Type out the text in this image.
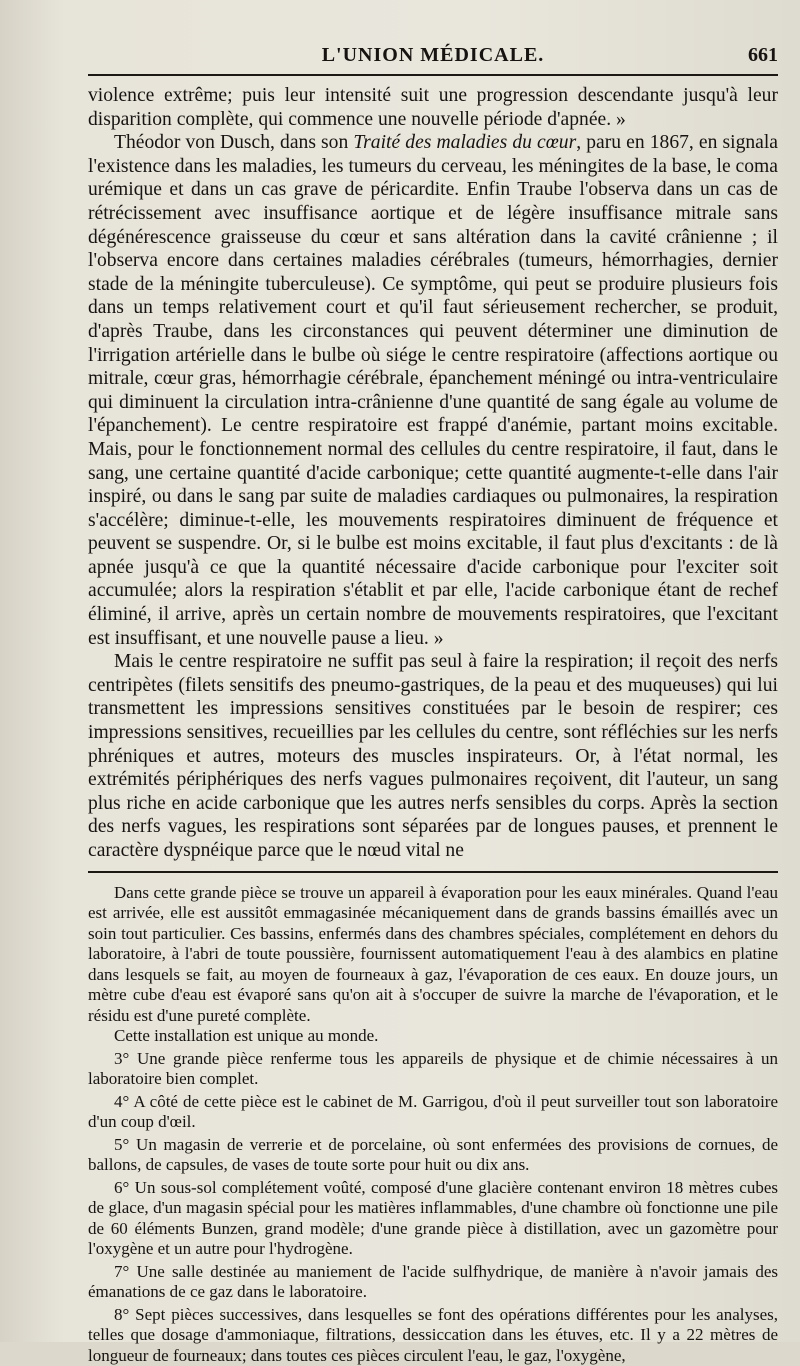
L'UNION MÉDICALE.	661

violence extrême; puis leur intensité suit une progression descendante jusqu'à leur disparition complète, qui commence une nouvelle période d'apnée. »

Théodor von Dusch, dans son Traité des maladies du cœur, paru en 1867, en signala l'existence dans les maladies, les tumeurs du cerveau, les méningites de la base, le coma urémique et dans un cas grave de péricardite. Enfin Traube l'observa dans un cas de rétrécissement avec insuffisance aortique et de légère insuffisance mitrale sans dégénérescence graisseuse du cœur et sans altération dans la cavité crânienne ; il l'observa encore dans certaines maladies cérébrales (tumeurs, hémorrhagies, dernier stade de la méningite tuberculeuse). Ce symptôme, qui peut se produire plusieurs fois dans un temps relativement court et qu'il faut sérieusement rechercher, se produit, d'après Traube, dans les circonstances qui peuvent déterminer une diminution de l'irrigation artérielle dans le bulbe où siége le centre respiratoire (affections aortique ou mitrale, cœur gras, hémorrhagie cérébrale, épanchement méningé ou intra-ventriculaire qui diminuent la circulation intra-crânienne d'une quantité de sang égale au volume de l'épanchement). Le centre respiratoire est frappé d'anémie, partant moins excitable. Mais, pour le fonctionnement normal des cellules du centre respiratoire, il faut, dans le sang, une certaine quantité d'acide carbonique; cette quantité augmente-t-elle dans l'air inspiré, ou dans le sang par suite de maladies cardiaques ou pulmonaires, la respiration s'accélère; diminue-t-elle, les mouvements respiratoires diminuent de fréquence et peuvent se suspendre. Or, si le bulbe est moins excitable, il faut plus d'excitants : de là apnée jusqu'à ce que la quantité nécessaire d'acide carbonique pour l'exciter soit accumulée; alors la respiration s'établit et par elle, l'acide carbonique étant de rechef éliminé, il arrive, après un certain nombre de mouvements respiratoires, que l'excitant est insuffisant, et une nouvelle pause a lieu. »

Mais le centre respiratoire ne suffit pas seul à faire la respiration; il reçoit des nerfs centripètes (filets sensitifs des pneumo-gastriques, de la peau et des muqueuses) qui lui transmettent les impressions sensitives constituées par le besoin de respirer; ces impressions sensitives, recueillies par les cellules du centre, sont réfléchies sur les nerfs phréniques et autres, moteurs des muscles inspirateurs. Or, à l'état normal, les extrémités périphériques des nerfs vagues pulmonaires reçoivent, dit l'auteur, un sang plus riche en acide carbonique que les autres nerfs sensibles du corps. Après la section des nerfs vagues, les respirations sont séparées par de longues pauses, et prennent le caractère dyspnéique parce que le nœud vital ne

Dans cette grande pièce se trouve un appareil à évaporation pour les eaux minérales. Quand l'eau est arrivée, elle est aussitôt emmagasinée mécaniquement dans de grands bassins émaillés avec un soin tout particulier. Ces bassins, enfermés dans des chambres spéciales, complétement en dehors du laboratoire, à l'abri de toute poussière, fournissent automatiquement l'eau à des alambics en platine dans lesquels se fait, au moyen de fourneaux à gaz, l'évaporation de ces eaux. En douze jours, un mètre cube d'eau est évaporé sans qu'on ait à s'occuper de suivre la marche de l'évaporation, et le résidu est d'une pureté complète.

Cette installation est unique au monde.

3° Une grande pièce renferme tous les appareils de physique et de chimie nécessaires à un laboratoire bien complet.

4° A côté de cette pièce est le cabinet de M. Garrigou, d'où il peut surveiller tout son laboratoire d'un coup d'œil.

5° Un magasin de verrerie et de porcelaine, où sont enfermées des provisions de cornues, de ballons, de capsules, de vases de toute sorte pour huit ou dix ans.

6° Un sous-sol complétement voûté, composé d'une glacière contenant environ 18 mètres cubes de glace, d'un magasin spécial pour les matières inflammables, d'une chambre où fonctionne une pile de 60 éléments Bunzen, grand modèle; d'une grande pièce à distillation, avec un gazomètre pour l'oxygène et un autre pour l'hydrogène.

7° Une salle destinée au maniement de l'acide sulfhydrique, de manière à n'avoir jamais des émanations de ce gaz dans le laboratoire.

8° Sept pièces successives, dans lesquelles se font des opérations différentes pour les analyses, telles que dosage d'ammoniaque, filtrations, dessiccation dans les étuves, etc. Il y a 22 mètres de longueur de fourneaux; dans toutes ces pièces circulent l'eau, le gaz, l'oxygène,
